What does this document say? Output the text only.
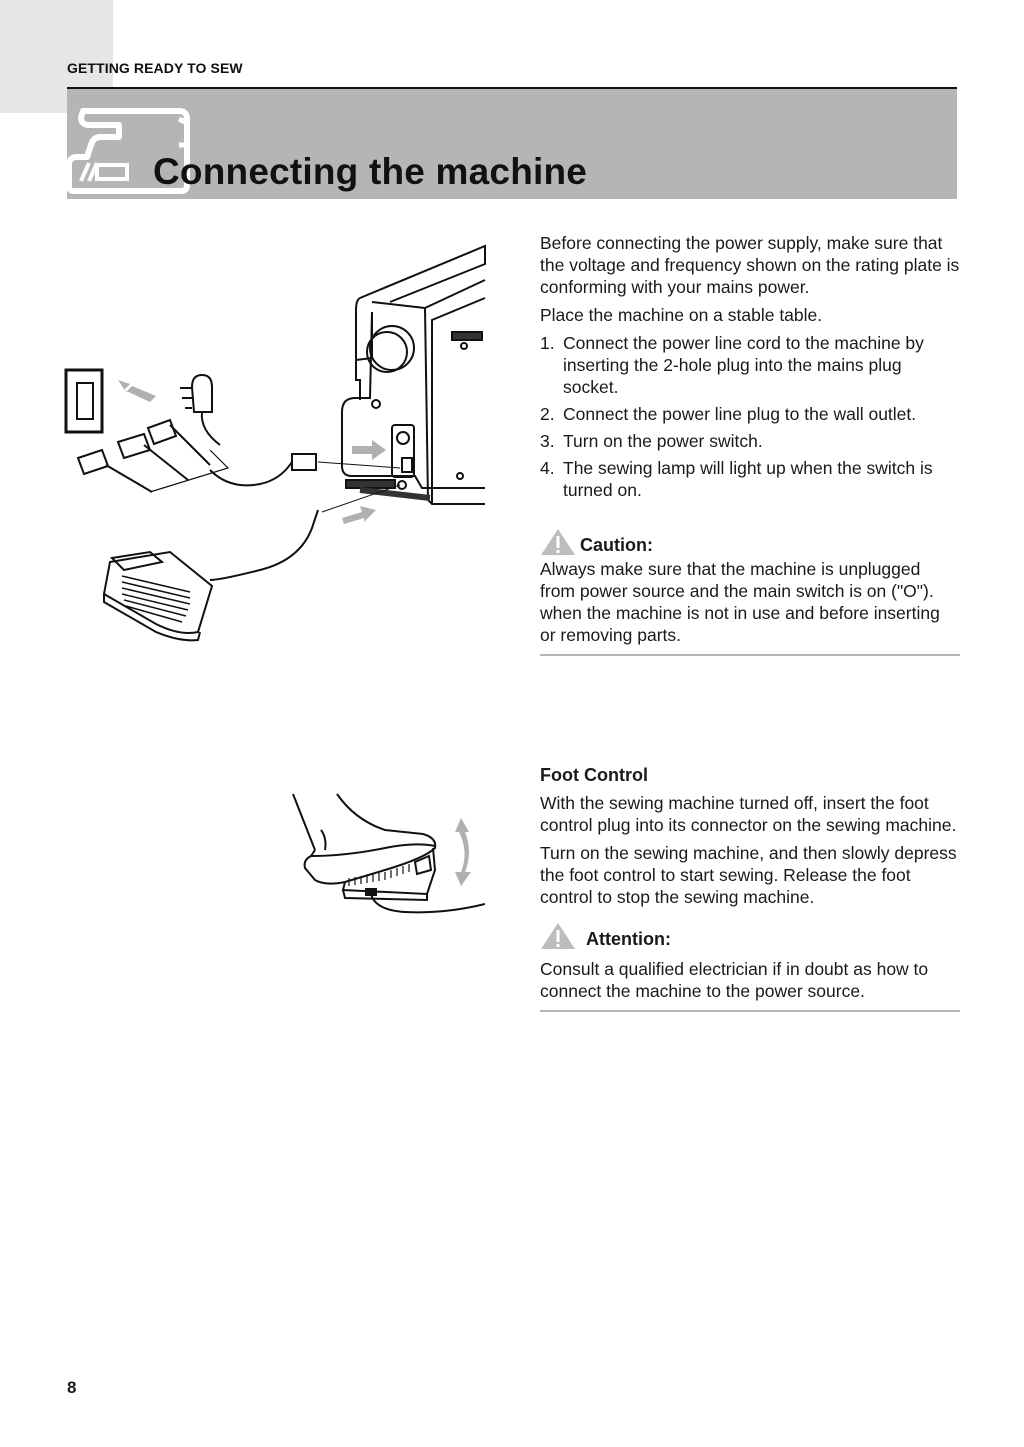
GETTING READY TO SEW
Connecting the machine

Before connecting the power supply, make sure that the voltage and frequency shown on the rating plate is conforming with your mains power.

Place the machine on a stable table.

1. Connect the power line cord to the machine by inserting the 2-hole plug into the mains plug socket.
2. Connect the power line plug to the wall outlet.
3. Turn on the power switch.
4. The sewing lamp will light up when the switch is turned on.
Caution:
Always make sure that the machine is unplugged from power source and the main switch is on ("O"). when the machine is not in use and before inserting or removing parts.
Foot Control

With the sewing machine turned off, insert the foot control plug into its connector on the sewing machine.

Turn on the sewing machine, and then slowly depress the foot control to start sewing. Release the foot control to stop the sewing machine.

Attention:
Consult a qualified electrician if in doubt as how to connect the machine to the power source.
8
